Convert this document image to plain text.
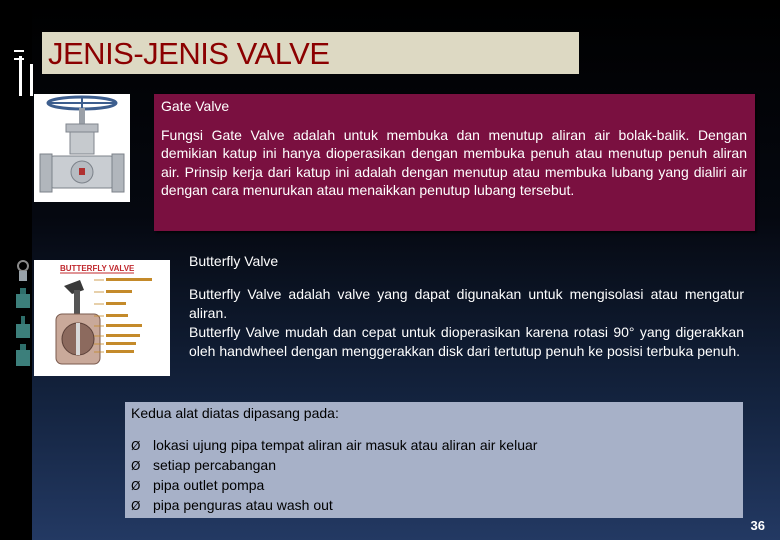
JENIS-JENIS VALVE
Gate Valve
Fungsi Gate Valve adalah untuk membuka dan menutup aliran air bolak-balik. Dengan demikian katup ini hanya dioperasikan dengan membuka penuh atau menutup penuh aliran air. Prinsip kerja dari katup ini adalah dengan menutup atau membuka lubang yang dialiri air dengan cara menurukan atau menaikkan penutup lubang tersebut.
BUTTERFLY VALVE	Butterfly Valve
Butterfly Valve adalah valve yang dapat digunakan untuk mengisolasi atau mengatur aliran.
Butterfly Valve mudah dan cepat untuk dioperasikan karena rotasi 90° yang digerakkan oleh handwheel dengan menggerakkan disk dari tertutup penuh ke posisi terbuka penuh.
Kedua alat diatas dipasang pada:
Ø lokasi ujung pipa tempat aliran air masuk atau aliran air keluar
Ø setiap percabangan
Ø pipa outlet pompa
Ø pipa penguras atau wash out
36
